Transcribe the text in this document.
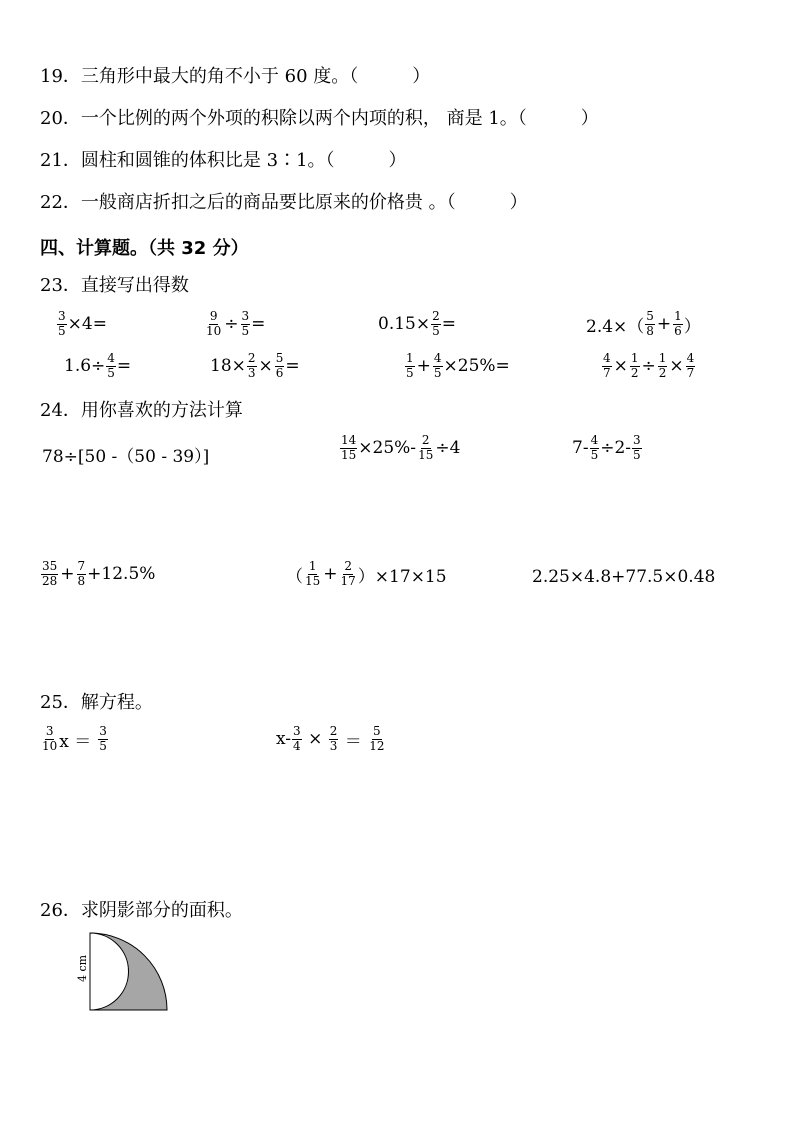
19．三角形中最大的角不小于 60 度。（　　　）
20．一个比例的两个外项的积除以两个内项的积， 商是 1。（　　　）
21．圆柱和圆锥的体积比是 3∶1。（　　　）
22．一般商店折扣之后的商品要比原来的价格贵 。（　　　）
四、计算题。（共 32 分）
23．直接写出得数
$\frac{3}{5} \times 4=$	$\frac{9}{10} \div \frac{3}{5}$ =	$0.15\times \frac{2}{5}$ =	$2.4\times( \frac{5}{8} + \frac{1}{6}$ ）
$1.6\div \frac{4}{5}$ =	$18\times \frac{2}{3} \times \frac{5}{6}$ =	$\frac{1}{5} + \frac{4}{5} \times 25\%=$	$\frac{4}{7} \times \frac{1}{2} \div \frac{1}{2} \times \frac{4}{7}$
24．用你喜欢的方法计算
78÷[50 -（50 - 39）]	$\frac{14}{15} \times 25\%- \frac{2}{15} \div 4$	$7- \frac{4}{5} \div 2- \frac{3}{5}$
$\frac{35}{28} + \frac{7}{8} +12.5\%$	（ $\frac{1}{15} + \frac{2}{17} )\times 17\times 15$	2.25×4.8+77.5×0.48
25．解方程。
$\frac{3}{10}$ $x = \frac{3}{5}$	$x- \frac{3}{4} \times \frac{2}{3} = \frac{5}{12}$
26．求阴影部分的面积。
4 cm
